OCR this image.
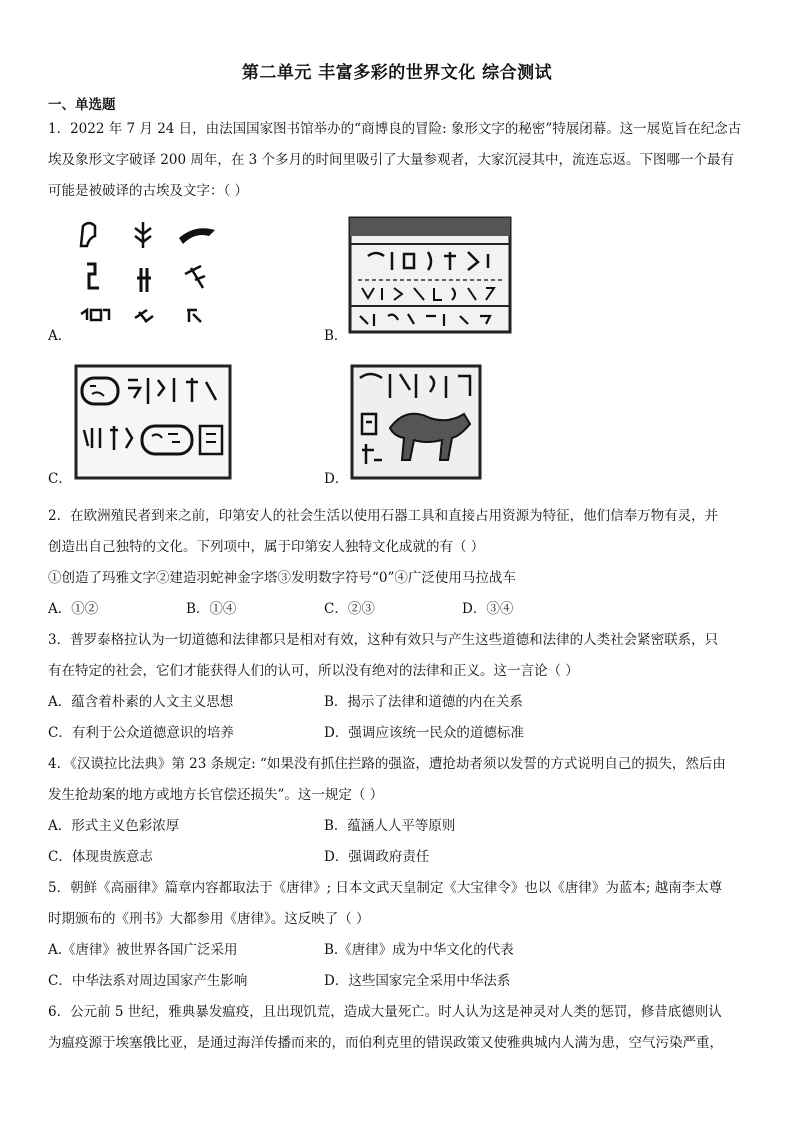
第二单元 丰富多彩的世界文化 综合测试
一、单选题
1．2022 年 7 月 24 日，由法国国家图书馆举办的“商博良的冒险: 象形文字的秘密”特展闭幕。这一展览旨在纪念古
埃及象形文字破译 200 周年，在 3 个多月的时间里吸引了大量参观者，大家沉浸其中，流连忘返。下图哪一个最有
可能是被破译的古埃及文字：（ ）
A．	B．
C．	D．
2．在欧洲殖民者到来之前，印第安人的社会生活以使用石器工具和直接占用资源为特征，他们信奉万物有灵，并
创造出自己独特的文化。下列项中，属于印第安人独特文化成就的有（ ）
①创造了玛雅文字②建造羽蛇神金字塔③发明数字符号“0”④广泛使用马拉战车
A．①②	B．①④	C．②③	D．③④
3．普罗泰格拉认为一切道德和法律都只是相对有效，这种有效只与产生这些道德和法律的人类社会紧密联系，只
有在特定的社会，它们才能获得人们的认可，所以没有绝对的法律和正义。这一言论（ ）
A．蕴含着朴素的人文主义思想	B．揭示了法律和道德的内在关系
C．有利于公众道德意识的培养	D．强调应该统一民众的道德标准
4．《汉谟拉比法典》第 23 条规定: “如果没有抓住拦路的强盗，遭抢劫者须以发誓的方式说明自己的损失，然后由
发生抢劫案的地方或地方长官偿还损失”。这一规定（ ）
A．形式主义色彩浓厚	B．蕴涵人人平等原则
C．体现贵族意志	D．强调政府责任
5．朝鲜《高丽律》篇章内容都取法于《唐律》; 日本文武天皇制定《大宝律令》也以《唐律》为蓝本; 越南李太尊
时期颁布的《刑书》大都参用《唐律》。这反映了（ ）
A.《唐律》被世界各国广泛采用	B.《唐律》成为中华文化的代表
C．中华法系对周边国家产生影响	D．这些国家完全采用中华法系
6．公元前 5 世纪，雅典暴发瘟疫，且出现饥荒，造成大量死亡。时人认为这是神灵对人类的惩罚，修昔底德则认
为瘟疫源于埃塞俄比亚，是通过海洋传播而来的，而伯利克里的错误政策又使雅典城内人满为患，空气污染严重，
